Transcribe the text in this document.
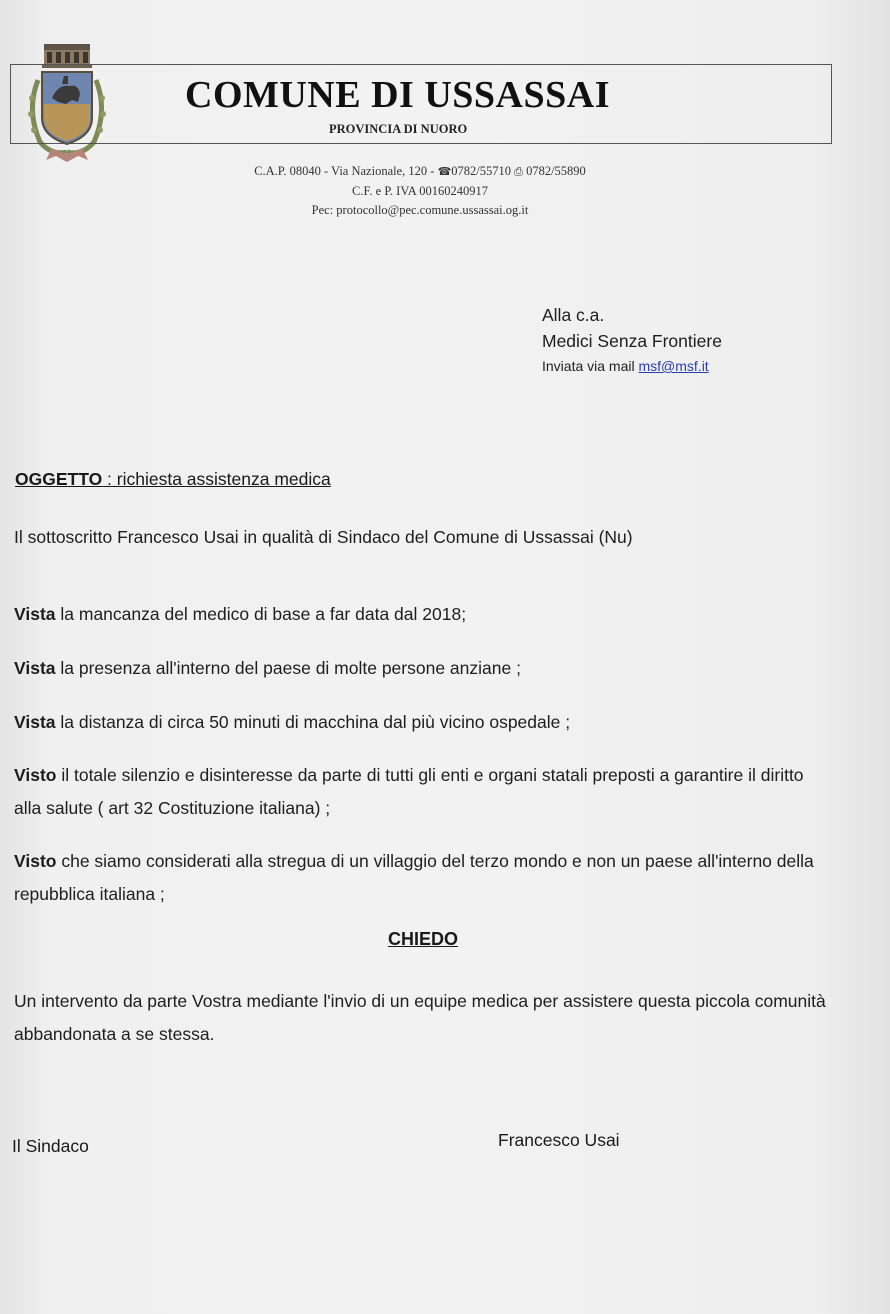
COMUNE DI USSASSAI
PROVINCIA DI NUORO
C.A.P. 08040 - Via Nazionale, 120 - ☎0782/55710 ⎙ 0782/55890
C.F. e P. IVA 00160240917
Pec: protocollo@pec.comune.ussassai.og.it
Alla c.a.
Medici Senza Frontiere
Inviata via mail msf@msf.it
OGGETTO : richiesta assistenza medica
Il sottoscritto Francesco Usai in qualità di Sindaco del Comune di Ussassai (Nu)
Vista la mancanza del medico di base a far data dal 2018;
Vista la presenza all'interno del paese di molte persone anziane ;
Vista la distanza di circa 50 minuti di macchina dal più vicino ospedale ;
Visto il totale silenzio e disinteresse da parte di tutti gli enti e organi statali preposti a garantire il diritto alla salute ( art 32 Costituzione italiana) ;
Visto che siamo considerati alla stregua di un villaggio del terzo mondo e non un paese all'interno della repubblica italiana ;
CHIEDO
Un intervento da parte Vostra mediante l'invio di un equipe medica per assistere questa piccola comunità abbandonata a se stessa.
Il Sindaco	Francesco Usai
